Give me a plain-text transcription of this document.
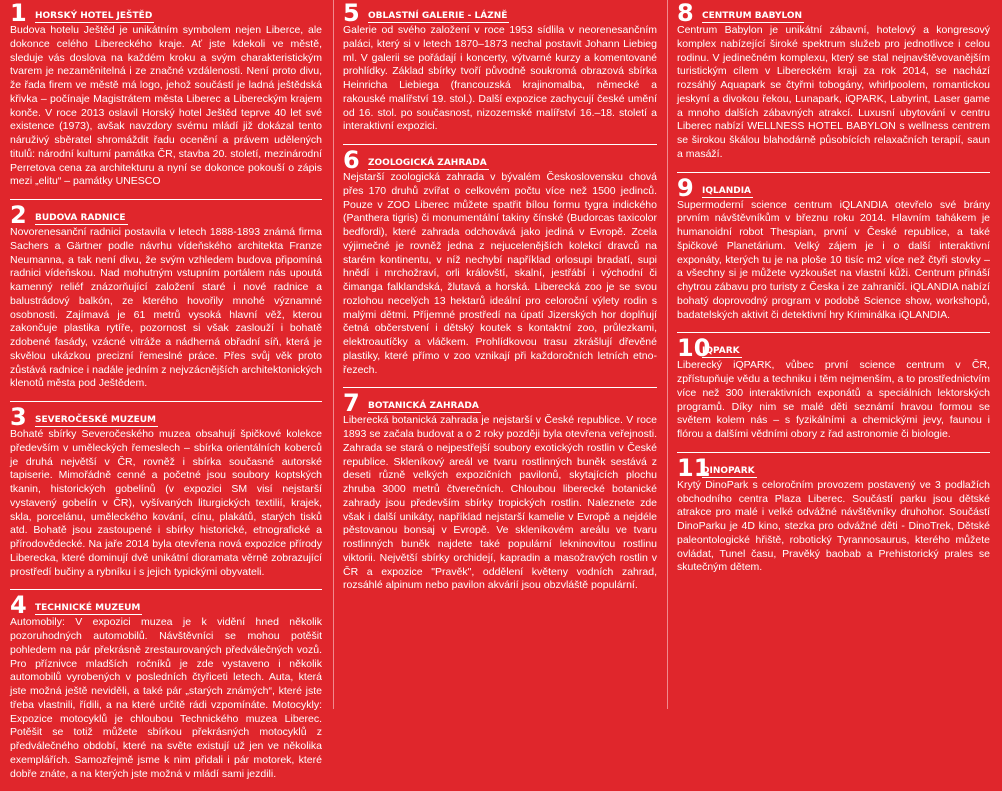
1 HORSKÝ HOTEL JEŠTĚD
Budova hotelu Ještěd je unikátním symbolem nejen Liberce, ale dokonce celého Libereckého kraje. Ať jste kdekoli ve městě, sleduje vás doslova na každém kroku a svým charakteristickým tvarem je nezaměnitelná i ze značné vzdálenosti. Není proto divu, že řada firem ve městě má logo, jehož součástí je ladná ještědská křivka – počínaje Magistrátem města Liberec a Libereckým krajem konče. V roce 2013 oslavil Horský hotel Ještěd teprve 40 let své existence (1973), avšak navzdory svému mládí již dokázal tento náruživý sběratel shromáždit řadu ocenění a právem udělených titulů: národní kulturní památka ČR, stavba 20. století, mezinárodní Perretova cena za architekturu a nyní se dokonce pokouší o zápis mezi „elitu“ – památky UNESCO
2 BUDOVA RADNICE
Novorenesanční radnici postavila v letech 1888-1893 známá firma Sachers a Gärtner podle návrhu vídeňského architekta Franze Neumanna, a tak není divu, že svým vzhledem budova připomíná radnici vídeňskou. Nad mohutným vstupním portálem nás upoutá kamenný reliéf znázorňující založení staré i nové radnice a balustrádový balkón, ze kterého hovořily mnohé významné osobnosti. Zajímavá je 61 metrů vysoká hlavní věž, kterou zakončuje plastika rytíře, pozornost si však zaslouží i bohatě zdobené fasády, vzácné vitráže a nádherná obřadní síň, která je skvělou ukázkou precizní řemeslné práce. Přes svůj věk proto zůstává radnice i nadále jedním z nejvzácnějších architektonických klenotů města pod Ještědem.
3 SEVEROČESKÉ MUZEUM
Bohaté sbírky Severočeského muzea obsahují špičkové kolekce především v uměleckých řemeslech – sbírka orientálních koberců je druhá největší v ČR, rovněž i sbírka současné autorské tapiserie. Mimořádně cenné a početné jsou soubory koptských tkanin, historických gobelínů (v expozici SM visí nejstarší vystavený gobelín v ČR), vyšívaných liturgických textilií, krajek, skla, porcelánu, uměleckého kování, cínu, plakátů, starých tisků atd. Bohatě jsou zastoupené i sbírky historické, etnografické a přírodovědecké. Na jaře 2014 byla otevřena nová expozice přírody Liberecka, které dominují dvě unikátní dioramata věrně zobrazující prostředí bučiny a rybníku i s jejich typickými obyvateli.
4 TECHNICKÉ MUZEUM
Automobily: V expozici muzea je k vidění hned několik pozoruhodných automobilů. Návštěvníci se mohou potěšit pohledem na pár překrásně zrestaurovaných předválečných vozů. Pro příznivce mladších ročníků je zde vystaveno i několik automobilů vyrobených v posledních čtyřiceti letech. Auta, která jste možná ještě neviděli, a také pár „starých známých“, které jste třeba vlastnili, řídili, a na které určitě rádi vzpomínáte. Motocykly: Expozice motocyklů je chloubou Technického muzea Liberec. Potěšit se totiž můžete sbírkou překrásných motocyklů z předválečného období, které na světe existují už jen ve několika exemplářích. Samozřejmě jsme k nim přidali i pár motorek, které dobře znáte, a na kterých jste možná v mládí sami jezdili.
5 OBLASTNÍ GALERIE - LÁZNĚ
Galerie od svého založení v roce 1953 sídlila v neorenesančním paláci, který si v letech 1870–1873 nechal postavit Johann Liebieg ml. V galerii se pořádají i koncerty, výtvarné kurzy a komentované prohlídky. Základ sbírky tvoří původně soukromá obrazová sbírka Heinricha Liebiega (francouzská krajinomalba, německé a rakouské malířství 19. stol.). Další expozice zachycují české umění od 16. stol. po současnost, nizozemské malířství 16.–18. století a interaktivní expozici.
6 ZOOLOGICKÁ ZAHRADA
Nejstarší zoologická zahrada v bývalém Československu chová přes 170 druhů zvířat o celkovém počtu více než 1500 jedinců. Pouze v ZOO Liberec můžete spatřit bílou formu tygra indického (Panthera tigris) či monumentální takiny čínské (Budorcas taxicolor bedfordi), které zahrada odchovává jako jediná v Evropě. Zcela výjimečné je rovněž jedna z nejucelenějších kolekcí dravců na starém kontinentu, v níž nechybí například orlosupi bradatí, supi hnědí i mrchožraví, orli královští, skalní, jestřábí i východní či čimanga falklandská, žlutavá a horská. Liberecká zoo je se svou rozlohou necelých 13 hektarů ideální pro celoroční výlety rodin s malými dětmi. Příjemné prostředí na úpatí Jizerských hor doplňují četná občerstvení i dětský koutek s kontaktní zoo, průlezkami, elektroautíčky a vláčkem. Prohlídkovou trasu zkrášlují dřevěné plastiky, které přímo v zoo vznikají při každoročních letních etno-řezech.
7 BOTANICKÁ ZAHRADA
Liberecká botanická zahrada je nejstarší v České republice. V roce 1893 se začala budovat a o 2 roky později byla otevřena veřejnosti. Zahrada se stará o nejpestřejší soubory exotických rostlin v České republice. Skleníkový areál ve tvaru rostlinných buněk sestává z deseti různě velkých expozičních pavilonů, skytajících plochu zhruba 3000 metrů čtverečních. Chloubou liberecké botanické zahrady jsou především sbírky tropických rostlin. Naleznete zde však i další unikáty, například nejstarší kamelie v Evropě a nejdéle pěstovanou bonsaj v Evropě. Ve skleníkovém areálu ve tvaru rostlinných buněk najdete také populární lekninovitou rostlinu viktorii. Největší sbírky orchidejí, kapradin a masožravých rostlin v ČR a expozice "Pravěk", oddělení květeny vodních zahrad, rozsáhlé alpinum nebo pavilon akvárií jsou obzvláště populární.
8 CENTRUM BABYLON
Centrum Babylon je unikátní zábavní, hotelový a kongresový komplex nabízející široké spektrum služeb pro jednotlivce i celou rodinu. V jedinečném komplexu, který se stal nejnavštěvovanějším turistickým cílem v Libereckém kraji za rok 2014, se nachází rozsáhlý Aquapark se čtyřmi tobogány, whirlpoolem, romantickou jeskyní a divokou řekou, Lunapark, iQPARK, Labyrint, Laser game a mnoho dalších zábavných atrakcí. Luxusní ubytování v centru Liberec nabízí WELLNESS HOTEL BABYLON s wellness centrem se širokou škálou blahodárně působících relaxačních terapií, saun a masáží.
9 IQLANDIA
Supermoderní science centrum iQLANDIA otevřelo své brány prvním návštěvníkům v březnu roku 2014. Hlavním tahákem je humanoidní robot Thespian, první v České republice, a také špičkové Planetárium. Velký zájem je i o další interaktivní exponáty, kterých tu je na ploše 10 tisíc m2 více než čtyři stovky – a všechny si je můžete vyzkoušet na vlastní kůži. Centrum přináší chytrou zábavu pro turisty z Česka i ze zahraničí. iQLANDIA nabízí bohatý doprovodný program v podobě Science show, workshopů, badatelských aktivit či detektivní hry Kriminálka iQLANDIA.
10
IQPARK
Liberecký iQPARK, vůbec první science centrum v ČR, zpřístupňuje vědu a techniku i těm nejmenším, a to prostřednictvím více než 300 interaktivních exponátů a speciálních lektorských programů. Díky nim se malé děti seznámí hravou formou se světem kolem nás – s fyzikálními a chemickými jevy, faunou i flórou a dalšími vědními obory z řad astronomie či biologie.
11
DINOPARK
Krytý DinoPark s celoročním provozem postavený ve 3 podlažích obchodního centra Plaza Liberec. Součástí parku jsou dětské atrakce pro malé i velké odvážné návštěvníky druhohor. Součástí DinoParku je 4D kino, stezka pro odvážné děti - DinoTrek, Dětské paleontologické hřiště, robotický Tyrannosaurus, kterého můžete ovládat, Tunel času, Pravěký baobab a Prehistorický prales se skutečným dětem.
